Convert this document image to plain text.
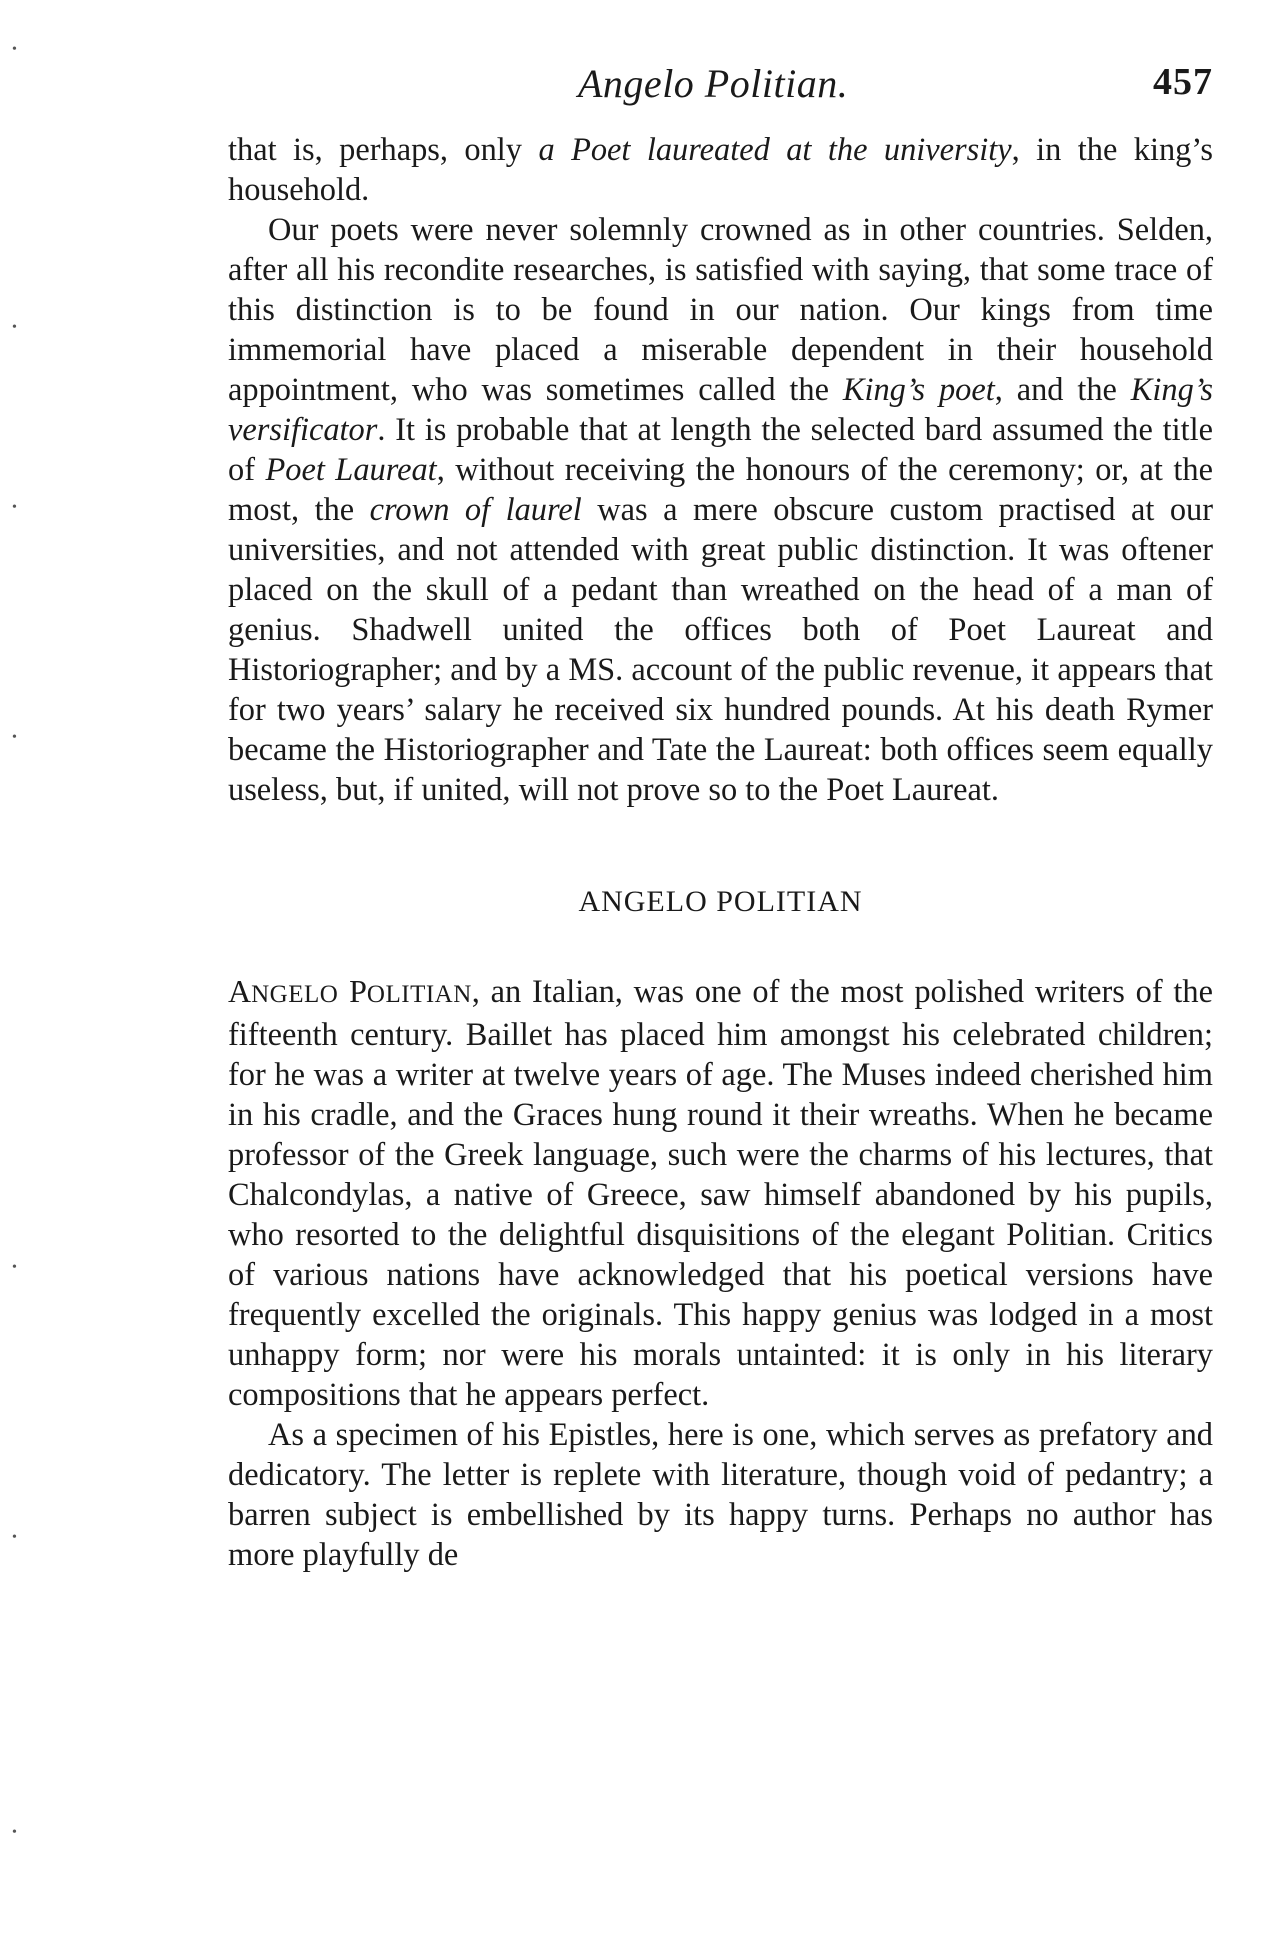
•
•
•
•
•
•
•
Angelo Politian.	457

that is, perhaps, only a Poet laureated at the university, in the king’s household.

Our poets were never solemnly crowned as in other countries. Selden, after all his recondite researches, is satisfied with saying, that some trace of this distinction is to be found in our nation. Our kings from time immemorial have placed a miserable dependent in their household appointment, who was sometimes called the King’s poet, and the King’s versificator. It is probable that at length the selected bard assumed the title of Poet Laureat, without receiving the honours of the ceremony; or, at the most, the crown of laurel was a mere obscure custom practised at our universities, and not attended with great public distinction. It was oftener placed on the skull of a pedant than wreathed on the head of a man of genius. Shadwell united the offices both of Poet Laureat and Historiographer; and by a MS. account of the public revenue, it appears that for two years’ salary he received six hundred pounds. At his death Rymer became the Historiographer and Tate the Laureat: both offices seem equally useless, but, if united, will not prove so to the Poet Laureat.

ANGELO POLITIAN

ANGELO POLITIAN, an Italian, was one of the most polished writers of the fifteenth century. Baillet has placed him amongst his celebrated children; for he was a writer at twelve years of age. The Muses indeed cherished him in his cradle, and the Graces hung round it their wreaths. When he became professor of the Greek language, such were the charms of his lectures, that Chalcondylas, a native of Greece, saw himself abandoned by his pupils, who resorted to the delightful disquisitions of the elegant Politian. Critics of various nations have acknowledged that his poetical versions have frequently excelled the originals. This happy genius was lodged in a most unhappy form; nor were his morals untainted: it is only in his literary compositions that he appears perfect.

As a specimen of his Epistles, here is one, which serves as prefatory and dedicatory. The letter is replete with literature, though void of pedantry; a barren subject is embellished by its happy turns. Perhaps no author has more playfully de
